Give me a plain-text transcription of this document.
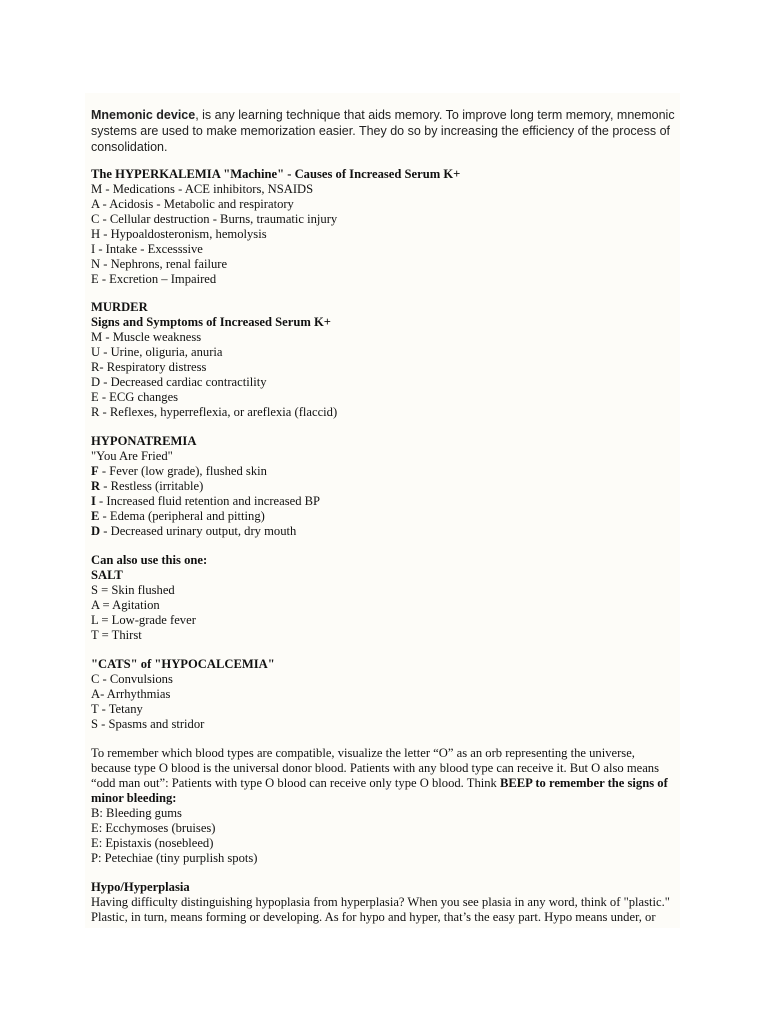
Mnemonic device, is any learning technique that aids memory. To improve long term memory, mnemonic systems are used to make memorization easier. They do so by increasing the efficiency of the process of consolidation.
The HYPERKALEMIA "Machine" - Causes of Increased Serum K+
M - Medications - ACE inhibitors, NSAIDS
A - Acidosis - Metabolic and respiratory
C - Cellular destruction - Burns, traumatic injury
H - Hypoaldosteronism, hemolysis
I - Intake - Excesssive
N - Nephrons, renal failure
E - Excretion – Impaired
MURDER
Signs and Symptoms of Increased Serum K+
M - Muscle weakness
U - Urine, oliguria, anuria
R- Respiratory distress
D - Decreased cardiac contractility
E - ECG changes
R - Reflexes, hyperreflexia, or areflexia (flaccid)
HYPONATREMIA
"You Are Fried"
F - Fever (low grade), flushed skin
R - Restless (irritable)
I - Increased fluid retention and increased BP
E - Edema (peripheral and pitting)
D - Decreased urinary output, dry mouth
Can also use this one:
SALT
S = Skin flushed
A = Agitation
L = Low-grade fever
T = Thirst
"CATS" of "HYPOCALCEMIA"
C - Convulsions
A- Arrhythmias
T - Tetany
S - Spasms and stridor
To remember which blood types are compatible, visualize the letter “O” as an orb representing the universe, because type O blood is the universal donor blood. Patients with any blood type can receive it. But O also means “odd man out”: Patients with type O blood can receive only type O blood. Think BEEP to remember the signs of minor bleeding:
B: Bleeding gums
E: Ecchymoses (bruises)
E: Epistaxis (nosebleed)
P: Petechiae (tiny purplish spots)
Hypo/Hyperplasia
Having difficulty distinguishing hypoplasia from hyperplasia? When you see plasia in any word, think of "plastic." Plastic, in turn, means forming or developing. As for hypo and hyper, that’s the easy part. Hypo means under, or
